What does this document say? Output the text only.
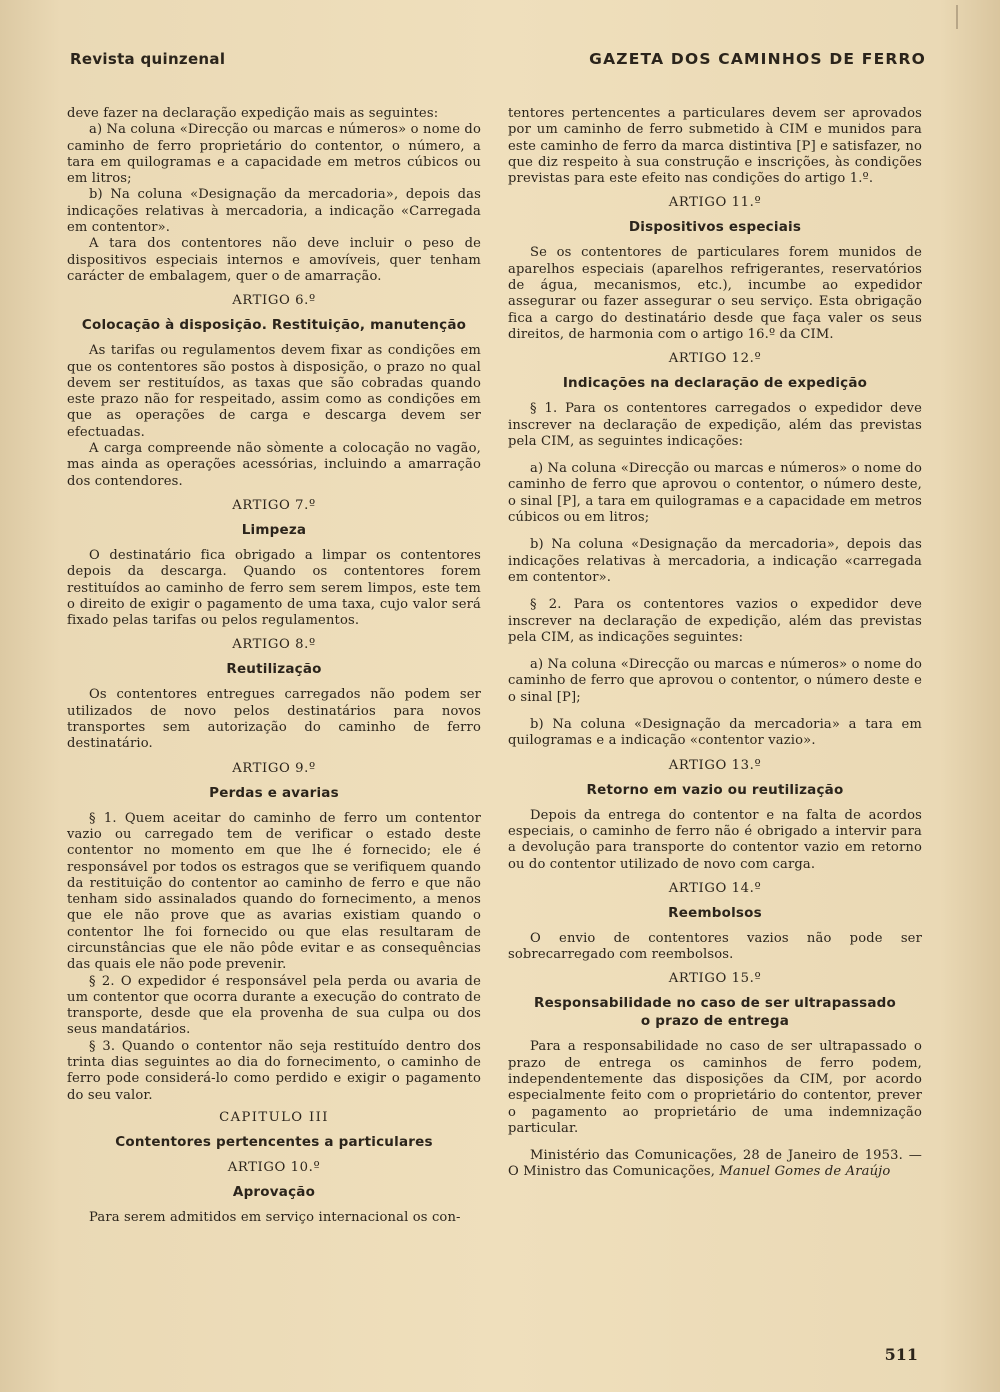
Revista quinzenal	GAZETA DOS CAMINHOS DE FERRO

deve fazer na declaração expedição mais as seguintes:

a) Na coluna «Direcção ou marcas e números» o nome do caminho de ferro proprietário do contentor, o número, a tara em quilogramas e a capacidade em metros cúbicos ou em litros;

b) Na coluna «Designação da mercadoria», depois das indicações relativas à mercadoria, a indicação «Carregada em contentor».

A tara dos contentores não deve incluir o peso de dispositivos especiais internos e amovíveis, quer tenham carácter de embalagem, quer o de amarração.

ARTIGO 6.º
Colocação à disposição. Restituição, manutenção

As tarifas ou regulamentos devem fixar as condições em que os contentores são postos à disposição, o prazo no qual devem ser restituídos, as taxas que são cobradas quando este prazo não for respeitado, assim como as condições em que as operações de carga e descarga devem ser efectuadas.

A carga compreende não sòmente a colocação no vagão, mas ainda as operações acessórias, incluindo a amarração dos contendores.

ARTIGO 7.º
Limpeza

O destinatário fica obrigado a limpar os contentores depois da descarga. Quando os contentores forem restituídos ao caminho de ferro sem serem limpos, este tem o direito de exigir o pagamento de uma taxa, cujo valor será fixado pelas tarifas ou pelos regulamentos.

ARTIGO 8.º
Reutilização

Os contentores entregues carregados não podem ser utilizados de novo pelos destinatários para novos transportes sem autorização do caminho de ferro destinatário.

ARTIGO 9.º
Perdas e avarias

§ 1. Quem aceitar do caminho de ferro um contentor vazio ou carregado tem de verificar o estado deste contentor no momento em que lhe é fornecido; ele é responsável por todos os estragos que se verifiquem quando da restituição do contentor ao caminho de ferro e que não tenham sido assinalados quando do fornecimento, a menos que ele não prove que as avarias existiam quando o contentor lhe foi fornecido ou que elas resultaram de circunstâncias que ele não pôde evitar e as consequências das quais ele não pode prevenir.

§ 2. O expedidor é responsável pela perda ou avaria de um contentor que ocorra durante a execução do contrato de transporte, desde que ela provenha de sua culpa ou dos seus mandatários.

§ 3. Quando o contentor não seja restituído dentro dos trinta dias seguintes ao dia do fornecimento, o caminho de ferro pode considerá-lo como perdido e exigir o pagamento do seu valor.

CAPITULO III
Contentores pertencentes a particulares
ARTIGO 10.º
Aprovação

Para serem admitidos em serviço internacional os con-

tentores pertencentes a particulares devem ser aprovados por um caminho de ferro submetido à CIM e munidos para este caminho de ferro da marca distintiva [P] e satisfazer, no que diz respeito à sua construção e inscrições, às condições previstas para este efeito nas condições do artigo 1.º.

ARTIGO 11.º
Dispositivos especiais

Se os contentores de particulares forem munidos de aparelhos especiais (aparelhos refrigerantes, reservatórios de água, mecanismos, etc.), incumbe ao expedidor assegurar ou fazer assegurar o seu serviço. Esta obrigação fica a cargo do destinatário desde que faça valer os seus direitos, de harmonia com o artigo 16.º da CIM.

ARTIGO 12.º
Indicações na declaração de expedição

§ 1. Para os contentores carregados o expedidor deve inscrever na declaração de expedição, além das previstas pela CIM, as seguintes indicações:

a) Na coluna «Direcção ou marcas e números» o nome do caminho de ferro que aprovou o contentor, o número deste, o sinal [P], a tara em quilogramas e a capacidade em metros cúbicos ou em litros;

b) Na coluna «Designação da mercadoria», depois das indicações relativas à mercadoria, a indicação «carregada em contentor».

§ 2. Para os contentores vazios o expedidor deve inscrever na declaração de expedição, além das previstas pela CIM, as indicações seguintes:

a) Na coluna «Direcção ou marcas e números» o nome do caminho de ferro que aprovou o contentor, o número deste e o sinal [P];

b) Na coluna «Designação da mercadoria» a tara em quilogramas e a indicação «contentor vazio».

ARTIGO 13.º
Retorno em vazio ou reutilização

Depois da entrega do contentor e na falta de acordos especiais, o caminho de ferro não é obrigado a intervir para a devolução para transporte do contentor vazio em retorno ou do contentor utilizado de novo com carga.

ARTIGO 14.º
Reembolsos

O envio de contentores vazios não pode ser sobrecarregado com reembolsos.

ARTIGO 15.º
Responsabilidade no caso de ser ultrapassado
o prazo de entrega

Para a responsabilidade no caso de ser ultrapassado o prazo de entrega os caminhos de ferro podem, independentemente das disposições da CIM, por acordo especialmente feito com o proprietário do contentor, prever o pagamento ao proprietário de uma indemnização particular.

Ministério das Comunicações, 28 de Janeiro de 1953. — O Ministro das Comunicações, Manuel Gomes de Araújo

511
